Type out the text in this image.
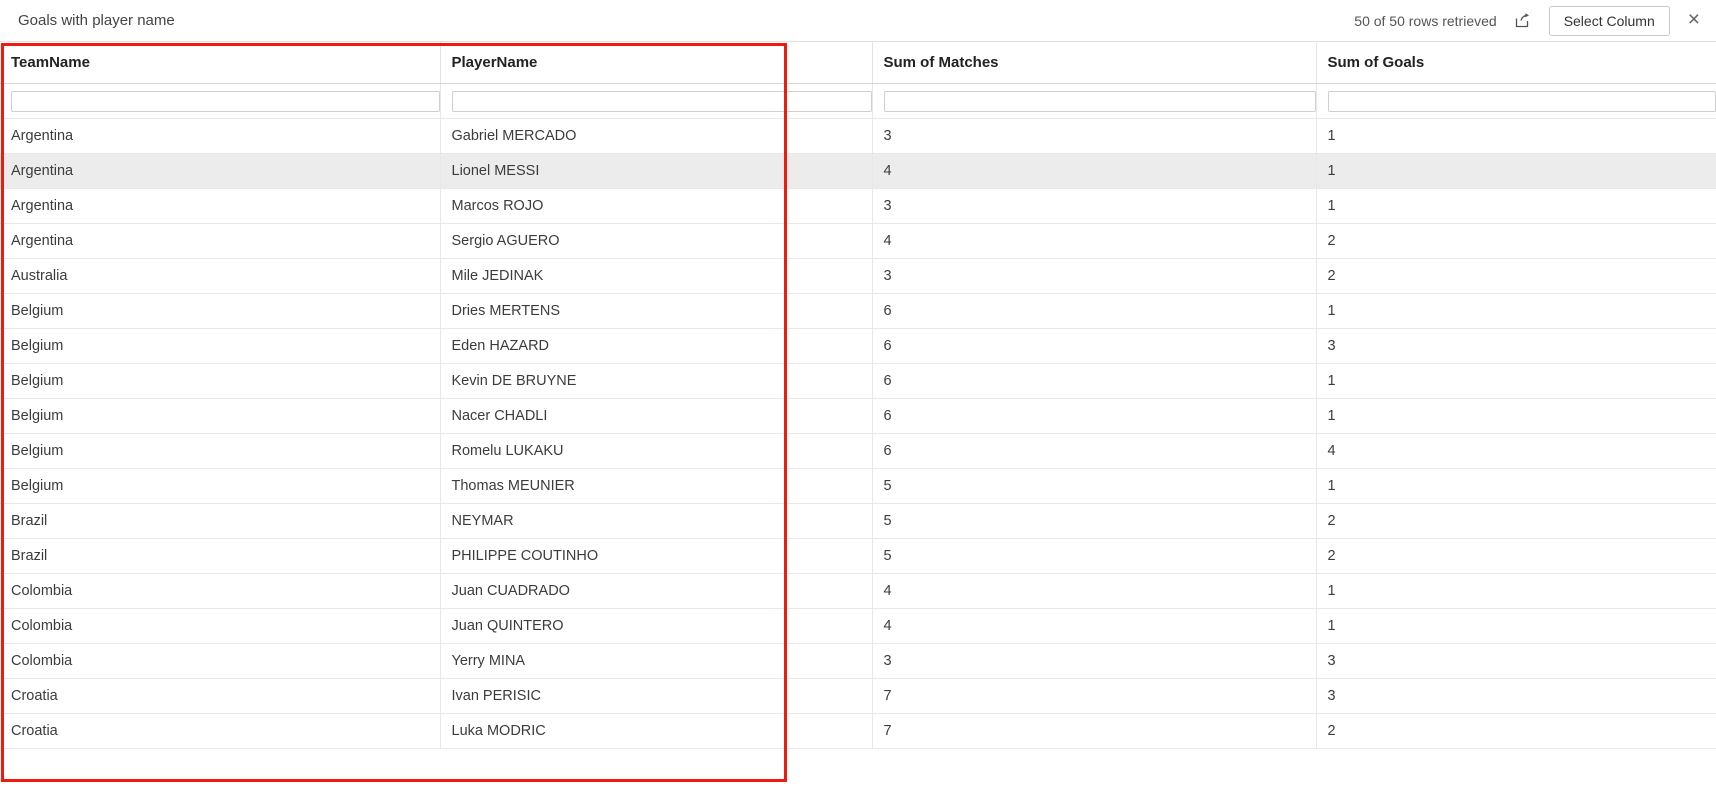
Goals with player name	50 of 50 rows retrieved	Select Column	×
TeamName	PlayerName	Sum of Matches	Sum of Goals

Argentina	Gabriel MERCADO	3	1
Argentina	Lionel MESSI	4	1
Argentina	Marcos ROJO	3	1
Argentina	Sergio AGUERO	4	2
Australia	Mile JEDINAK	3	2
Belgium	Dries MERTENS	6	1
Belgium	Eden HAZARD	6	3
Belgium	Kevin DE BRUYNE	6	1
Belgium	Nacer CHADLI	6	1
Belgium	Romelu LUKAKU	6	4
Belgium	Thomas MEUNIER	5	1
Brazil	NEYMAR	5	2
Brazil	PHILIPPE COUTINHO	5	2
Colombia	Juan CUADRADO	4	1
Colombia	Juan QUINTERO	4	1
Colombia	Yerry MINA	3	3
Croatia	Ivan PERISIC	7	3
Croatia	Luka MODRIC	7	2
